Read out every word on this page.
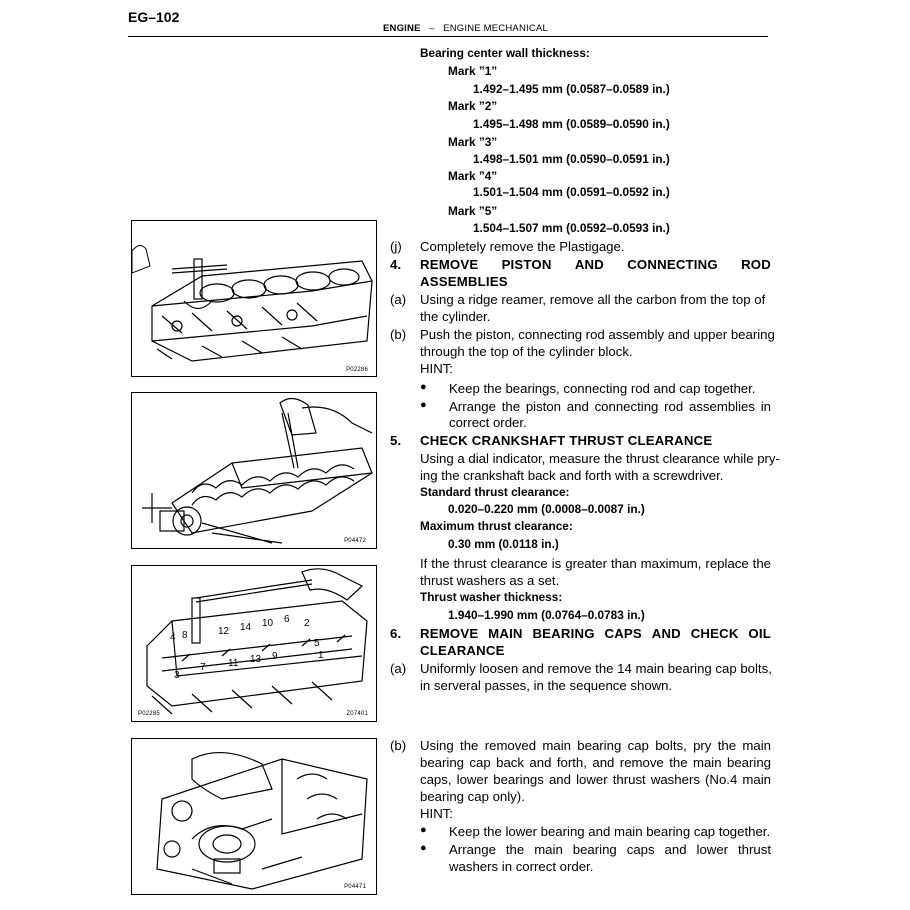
EG–102
ENGINE – ENGINE MECHANICAL
Bearing center wall thickness:
Mark ”1”
1.492–1.495 mm (0.0587–0.0589 in.)
Mark ”2”
1.495–1.498 mm (0.0589–0.0590 in.)
Mark ”3”
1.498–1.501 mm (0.0590–0.0591 in.)
Mark ”4”
1.501–1.504 mm (0.0591–0.0592 in.)
Mark ”5”
1.504–1.507 mm (0.0592–0.0593 in.)
(j) Completely remove the Plastigage.
4. REMOVE PISTON AND CONNECTING ROD
ASSEMBLIES
(a) Using a ridge reamer, remove all the carbon from the top of
the cylinder.
(b) Push the piston, connecting rod assembly and upper bearing
through the top of the cylinder block.
HINT:
● Keep the bearings, connecting rod and cap together.
● Arrange the piston and connecting rod assemblies in
correct order.
5. CHECK CRANKSHAFT THRUST CLEARANCE
Using a dial indicator, measure the thrust clearance while pry-
ing the crankshaft back and forth with a screwdriver.
Standard thrust clearance:
0.020–0.220 mm (0.0008–0.0087 in.)
Maximum thrust clearance:
0.30 mm (0.0118 in.)
If the thrust clearance is greater than maximum, replace the
thrust washers as a set.
Thrust washer thickness:
1.940–1.990 mm (0.0764–0.0783 in.)
6. REMOVE MAIN BEARING CAPS AND CHECK OIL
CLEARANCE
(a) Uniformly loosen and remove the 14 main bearing cap bolts,
in serveral passes, in the sequence shown.
(b) Using the removed main bearing cap bolts, pry the main
bearing cap back and forth, and remove the main bearing
caps, lower bearings and lower thrust washers (No.4 main
bearing cap only).
HINT:
● Keep the lower bearing and main bearing cap together.
● Arrange the main bearing caps and lower thrust
washers in correct order.
P02286
P04472
4 8	12 14 10 6 2
5
1
3
7 11 13 9
P02285	Z07401
P04471
